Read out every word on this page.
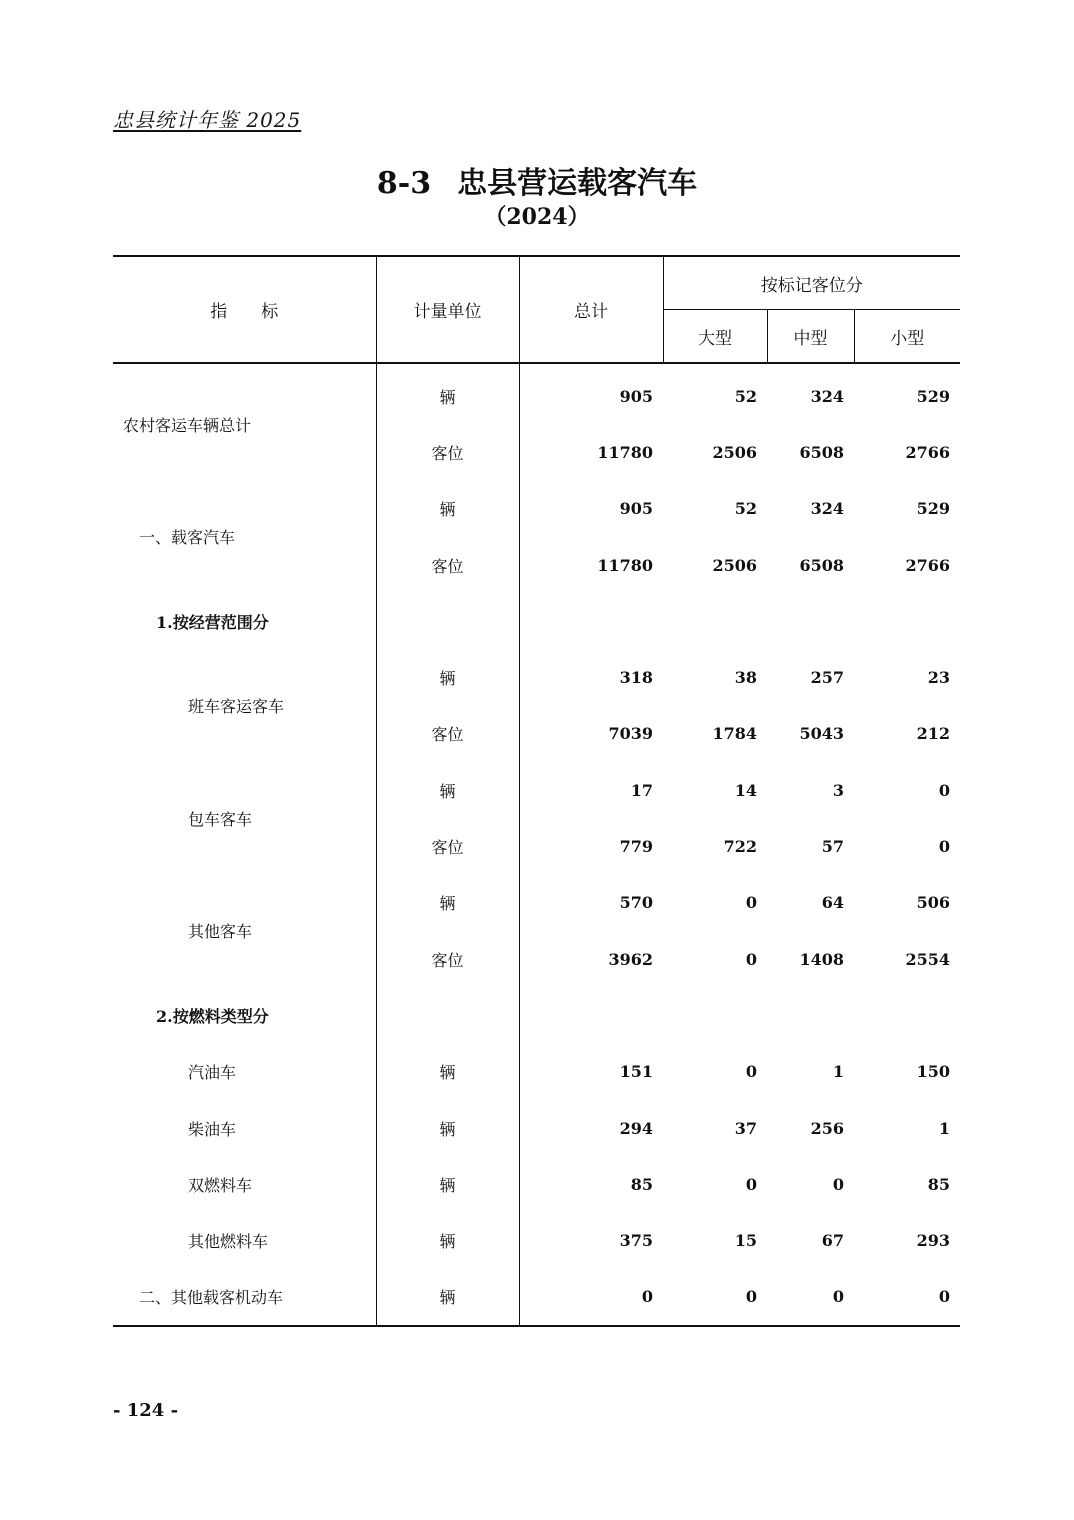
忠县统计年鉴 2025
8-3 忠县营运载客汽车
（2024）
指　　标	计量单位	总计	按标记客位分		
			大型	中型	小型
农村客运车辆总计	辆	905	52	324	529
	客位	11780	2506	6508	2766
一、载客汽车	辆	905	52	324	529
	客位	11780	2506	6508	2766
1.按经营范围分					
班车客运客车	辆	318	38	257	23
	客位	7039	1784	5043	212
包车客车	辆	17	14	3	0
	客位	779	722	57	0
其他客车	辆	570	0	64	506
	客位	3962	0	1408	2554
2.按燃料类型分					
汽油车	辆	151	0	1	150
柴油车	辆	294	37	256	1
双燃料车	辆	85	0	0	85
其他燃料车	辆	375	15	67	293
二、其他载客机动车	辆	0	0	0	0
- 124 -
